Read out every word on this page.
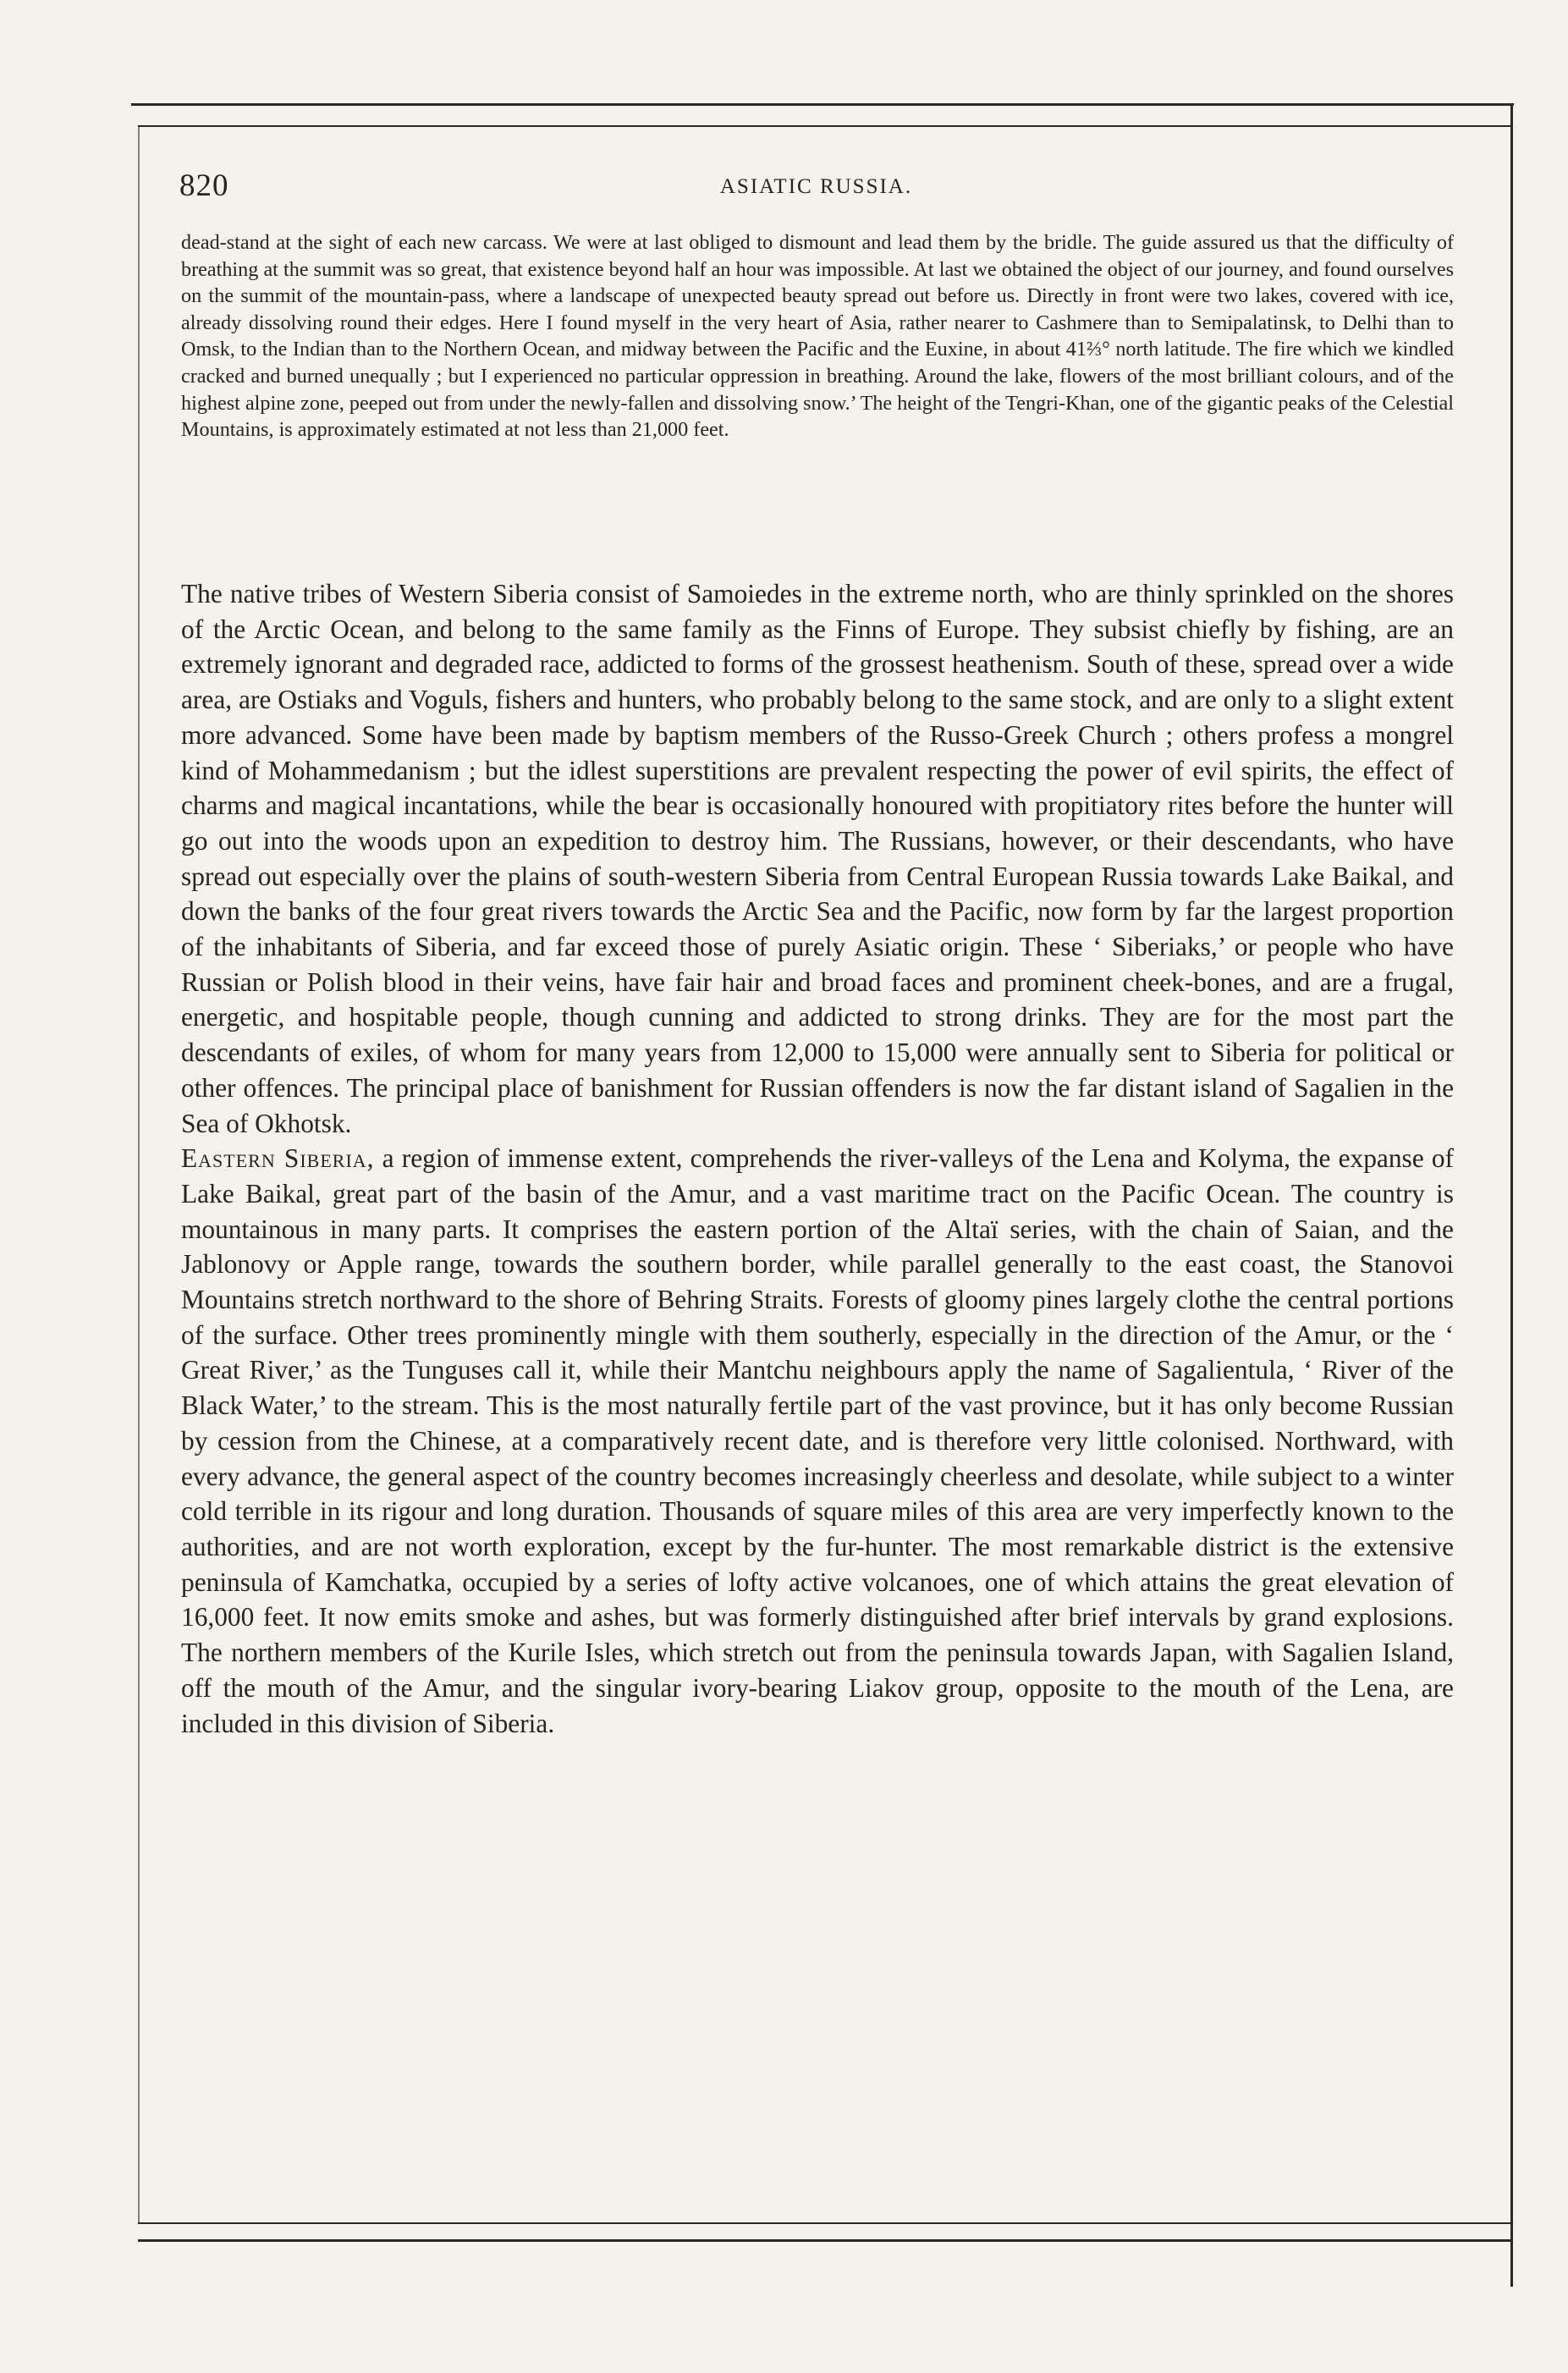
820	ASIATIC RUSSIA.
dead-stand at the sight of each new carcass. We were at last obliged to dismount and lead them by the bridle. The guide assured us that the difficulty of breathing at the summit was so great, that existence beyond half an hour was impossible. At last we obtained the object of our journey, and found ourselves on the summit of the mountain-pass, where a landscape of unexpected beauty spread out before us. Directly in front were two lakes, covered with ice, already dissolving round their edges. Here I found myself in the very heart of Asia, rather nearer to Cashmere than to Semipalatinsk, to Delhi than to Omsk, to the Indian than to the Northern Ocean, and midway between the Pacific and the Euxine, in about 41⅔° north latitude. The fire which we kindled cracked and burned unequally ; but I experienced no particular oppression in breathing. Around the lake, flowers of the most brilliant colours, and of the highest alpine zone, peeped out from under the newly-fallen and dissolving snow.’ The height of the Tengri-Khan, one of the gigantic peaks of the Celestial Mountains, is approximately estimated at not less than 21,000 feet.

The native tribes of Western Siberia consist of Samoiedes in the extreme north, who are thinly sprinkled on the shores of the Arctic Ocean, and belong to the same family as the Finns of Europe. They subsist chiefly by fishing, are an extremely ignorant and degraded race, addicted to forms of the grossest heathenism. South of these, spread over a wide area, are Ostiaks and Voguls, fishers and hunters, who probably belong to the same stock, and are only to a slight extent more advanced. Some have been made by baptism members of the Russo-Greek Church ; others profess a mongrel kind of Mohammedanism ; but the idlest superstitions are prevalent respecting the power of evil spirits, the effect of charms and magical incantations, while the bear is occasionally honoured with propitiatory rites before the hunter will go out into the woods upon an expedition to destroy him. The Russians, however, or their descendants, who have spread out especially over the plains of south-western Siberia from Central European Russia towards Lake Baikal, and down the banks of the four great rivers towards the Arctic Sea and the Pacific, now form by far the largest proportion of the inhabitants of Siberia, and far exceed those of purely Asiatic origin. These ‘ Siberiaks,’ or people who have Russian or Polish blood in their veins, have fair hair and broad faces and prominent cheek-bones, and are a frugal, energetic, and hospitable people, though cunning and addicted to strong drinks. They are for the most part the descendants of exiles, of whom for many years from 12,000 to 15,000 were annually sent to Siberia for political or other offences. The principal place of banishment for Russian offenders is now the far distant island of Sagalien in the Sea of Okhotsk.

Eastern Siberia, a region of immense extent, comprehends the river-valleys of the Lena and Kolyma, the expanse of Lake Baikal, great part of the basin of the Amur, and a vast maritime tract on the Pacific Ocean. The country is mountainous in many parts. It comprises the eastern portion of the Altaï series, with the chain of Saian, and the Jablonovy or Apple range, towards the southern border, while parallel generally to the east coast, the Stanovoi Mountains stretch northward to the shore of Behring Straits. Forests of gloomy pines largely clothe the central portions of the surface. Other trees prominently mingle with them southerly, especially in the direction of the Amur, or the ‘ Great River,’ as the Tunguses call it, while their Mantchu neighbours apply the name of Sagalientula, ‘ River of the Black Water,’ to the stream. This is the most naturally fertile part of the vast province, but it has only become Russian by cession from the Chinese, at a comparatively recent date, and is therefore very little colonised. Northward, with every advance, the general aspect of the country becomes increasingly cheerless and desolate, while subject to a winter cold terrible in its rigour and long duration. Thousands of square miles of this area are very imperfectly known to the authorities, and are not worth exploration, except by the fur-hunter. The most remarkable district is the extensive peninsula of Kamchatka, occupied by a series of lofty active volcanoes, one of which attains the great elevation of 16,000 feet. It now emits smoke and ashes, but was formerly distinguished after brief intervals by grand explosions. The northern members of the Kurile Isles, which stretch out from the peninsula towards Japan, with Sagalien Island, off the mouth of the Amur, and the singular ivory-bearing Liakov group, opposite to the mouth of the Lena, are included in this division of Siberia.
